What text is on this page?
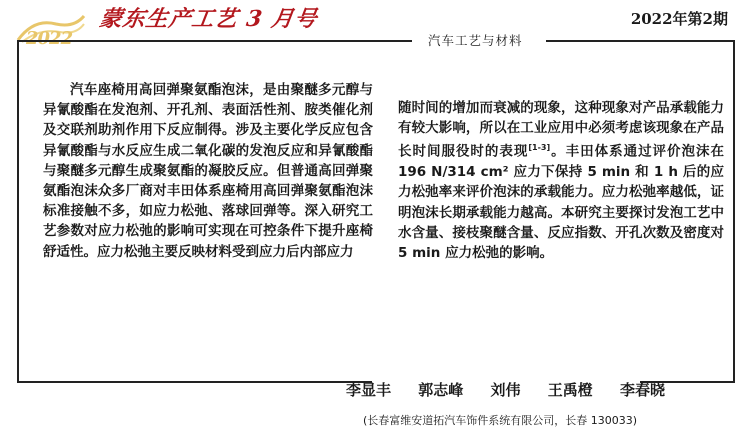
2022
蒙东生产工艺 3 月号	2022年第2期
汽车工艺与材料

汽车座椅用高回弹聚氨酯泡沫，是由聚醚多元醇与异氰酸酯在发泡剂、开孔剂、表面活性剂、胺类催化剂及交联剂助剂作用下反应制得。涉及主要化学反应包含异氰酸酯与水反应生成二氧化碳的发泡反应和异氰酸酯与聚醚多元醇生成聚氨酯的凝胶反应。但普通高回弹聚氨酯泡沫众多厂商对丰田体系座椅用高回弹聚氨酯泡沫标准接触不多，如应力松弛、落球回弹等。深入研究工艺参数对应力松弛的影响可实现在可控条件下提升座椅舒适性。应力松弛主要反映材料受到应力后内部应力

随时间的增加而衰减的现象，这种现象对产品承载能力有较大影响，所以在工业应用中必须考虑该现象在产品长时间服役时的表现[1-3]。丰田体系通过评价泡沫在 196 N/314 cm² 应力下保持 5 min 和 1 h 后的应力松弛率来评价泡沫的承载能力。应力松弛率越低，证明泡沫长期承载能力越高。本研究主要探讨发泡工艺中水含量、接枝聚醚含量、反应指数、开孔次数及密度对 5 min 应力松弛的影响。

李显丰 郭志峰 刘伟 王禹橙 李春晓
(长春富维安道拓汽车饰件系统有限公司，长春 130033)
